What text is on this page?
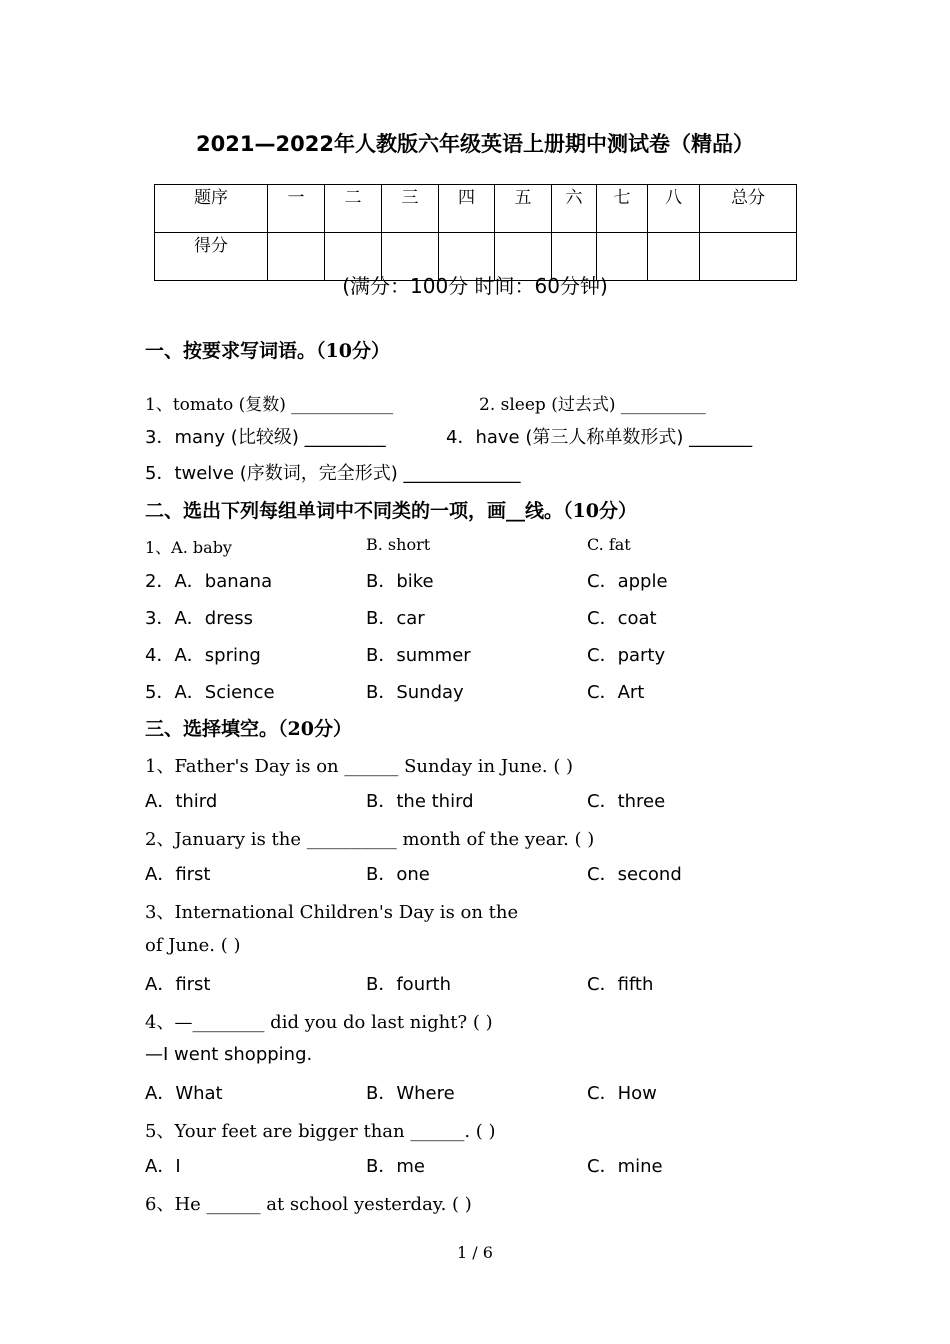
2021—2022年人教版六年级英语上册期中测试卷（精品）
题序	一	二	三	四	五	六	七	八	总分
得分									
(满分：100分 时间：60分钟)
一、按要求写词语。（10分）
1、tomato (复数) ____________	2. sleep (过去式) __________
3．many (比较级) _________	4．have (第三人称单数形式) _______
5．twelve (序数词，完全形式) _____________
二、选出下列每组单词中不同类的一项，画__线。（10分）
1、A. baby	B. short	C. fat
2．A．banana	B．bike	C．apple
3．A．dress	B．car	C．coat
4．A．spring	B．summer	C．party
5．A．Science	B．Sunday	C．Art
三、选择填空。（20分）
1、Father's Day is on ______ Sunday in June. ( )
A．third	B．the third	C．three
2、January is the __________ month of the year. ( )
A．first	B．one	C．second
3、International Children's Day is on the
of June. ( )
A．first	B．fourth	C．fifth
4、—________ did you do last night? ( )
—I went shopping.
A．What	B．Where	C．How
5、Your feet are bigger than ______. ( )
A．I	B．me	C．mine
6、He ______ at school yesterday. ( )
1 / 6
